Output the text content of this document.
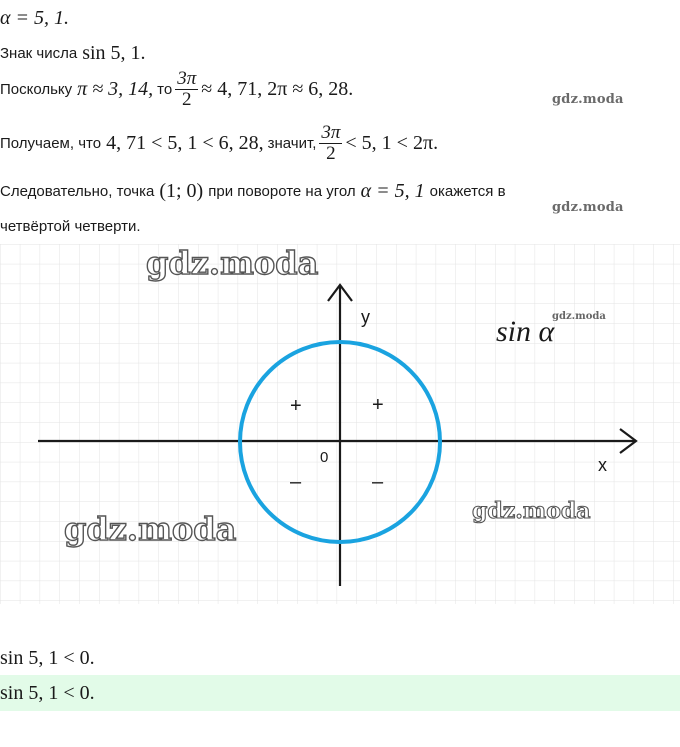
α = 5, 1.
Знак числа sin 5, 1.
Поскольку π ≈ 3, 14, то $\frac{3\pi}{2} \approx 4$, 71, 2π ≈ 6, 28.
Получаем, что 4, 71 < 5, 1 < 6, 28, значит, $\frac{3\pi}{2} < 5$, 1 < 2π.
Следовательно, точка (1; 0) при повороте на угол α = 5, 1 окажется в
четвёртой четверти.
gdz.moda
gdz.moda
gdz.moda
gdz.moda	gdz.moda
gdz.moda
y
x
0
sin α
+
+
–	–
sin 5, 1 < 0.
sin 5, 1 < 0.
